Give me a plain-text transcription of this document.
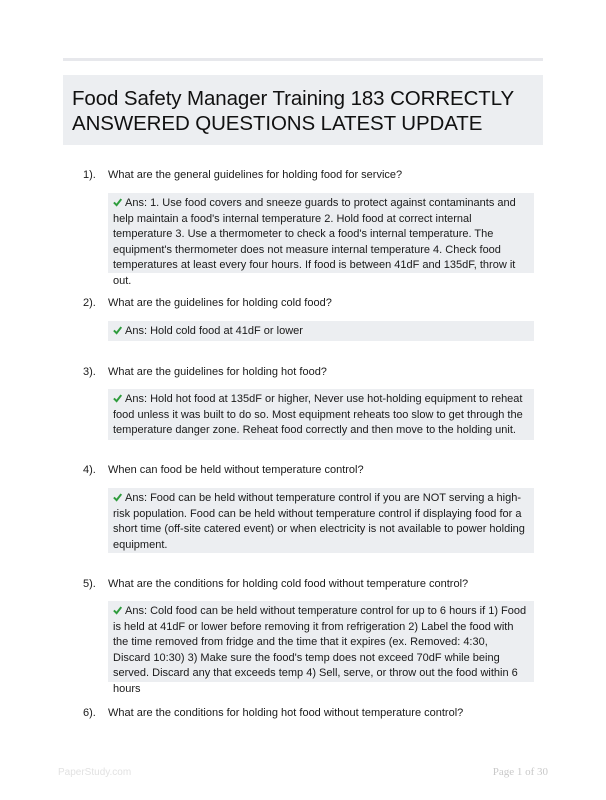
Food Safety Manager Training 183 CORRECTLY ANSWERED QUESTIONS LATEST UPDATE
1). What are the general guidelines for holding food for service?
Ans: 1. Use food covers and sneeze guards to protect against contaminants and help maintain a food's internal temperature 2. Hold food at correct internal temperature 3. Use a thermometer to check a food's internal temperature. The equipment's thermometer does not measure internal temperature 4. Check food temperatures at least every four hours. If food is between 41dF and 135dF, throw it out.
2). What are the guidelines for holding cold food?
Ans: Hold cold food at 41dF or lower
3). What are the guidelines for holding hot food?
Ans: Hold hot food at 135dF or higher, Never use hot-holding equipment to reheat food unless it was built to do so. Most equipment reheats too slow to get through the temperature danger zone. Reheat food correctly and then move to the holding unit.
4). When can food be held without temperature control?
Ans: Food can be held without temperature control if you are NOT serving a high-risk population. Food can be held without temperature control if displaying food for a short time (off-site catered event) or when electricity is not available to power holding equipment.
5). What are the conditions for holding cold food without temperature control?
Ans: Cold food can be held without temperature control for up to 6 hours if 1) Food is held at 41dF or lower before removing it from refrigeration 2) Label the food with the time removed from fridge and the time that it expires (ex. Removed: 4:30, Discard 10:30) 3) Make sure the food's temp does not exceed 70dF while being served. Discard any that exceeds temp 4) Sell, serve, or throw out the food within 6 hours
6). What are the conditions for holding hot food without temperature control?
PaperStudy.com	Page 1 of 30
